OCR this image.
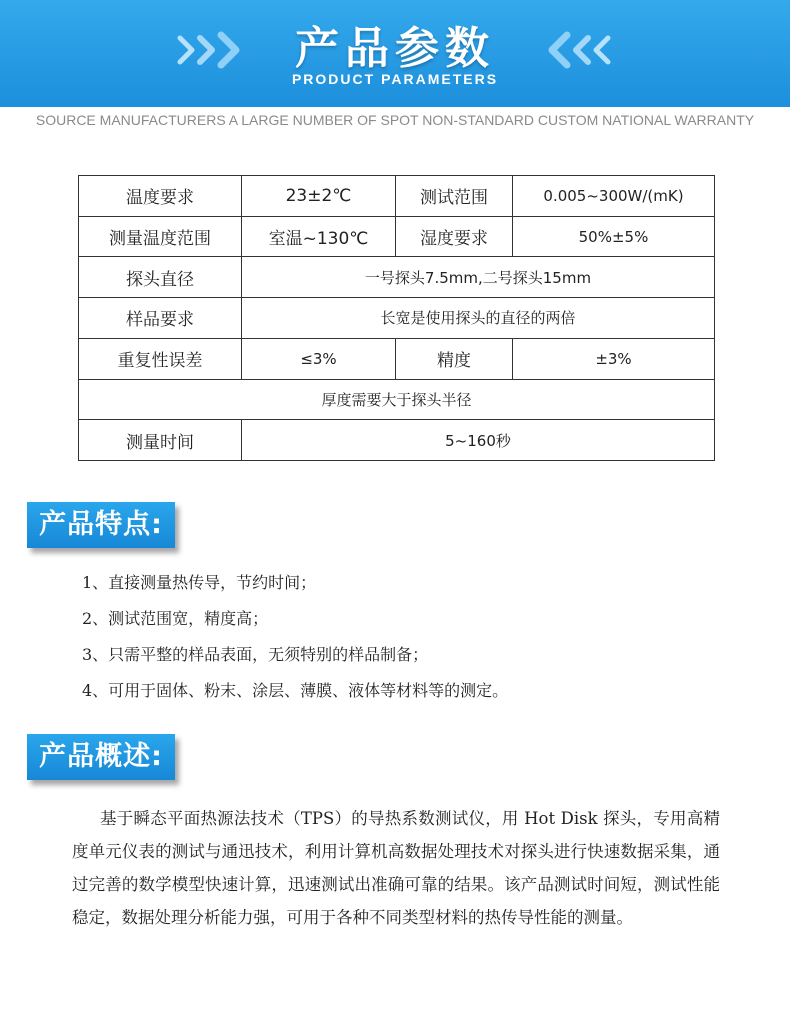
产品参数
PRODUCT PARAMETERS
SOURCE MANUFACTURERS A LARGE NUMBER OF SPOT NON-STANDARD CUSTOM NATIONAL WARRANTY
温度要求	23±2℃	测试范围	0.005~300W/(mK)
测量温度范围	室温~130℃	湿度要求	50%±5%
探头直径	一号探头7.5mm,二号探头15mm		
样品要求	长宽是使用探头的直径的两倍		
重复性误差	≤3%	精度	±3%
厚度需要大于探头半径			
测量时间	5~160秒		
产品特点:
1、直接测量热传导，节约时间；
2、测试范围宽，精度高；
3、只需平整的样品表面，无须特别的样品制备；
4、可用于固体、粉末、涂层、薄膜、液体等材料等的测定。
产品概述:

基于瞬态平面热源法技术（TPS）的导热系数测试仪，用 Hot Disk 探头，专用高精度单元仪表的测试与通迅技术，利用计算机高数据处理技术对探头进行快速数据采集，通过完善的数学模型快速计算，迅速测试出准确可靠的结果。该产品测试时间短，测试性能稳定，数据处理分析能力强，可用于各种不同类型材料的热传导性能的测量。
